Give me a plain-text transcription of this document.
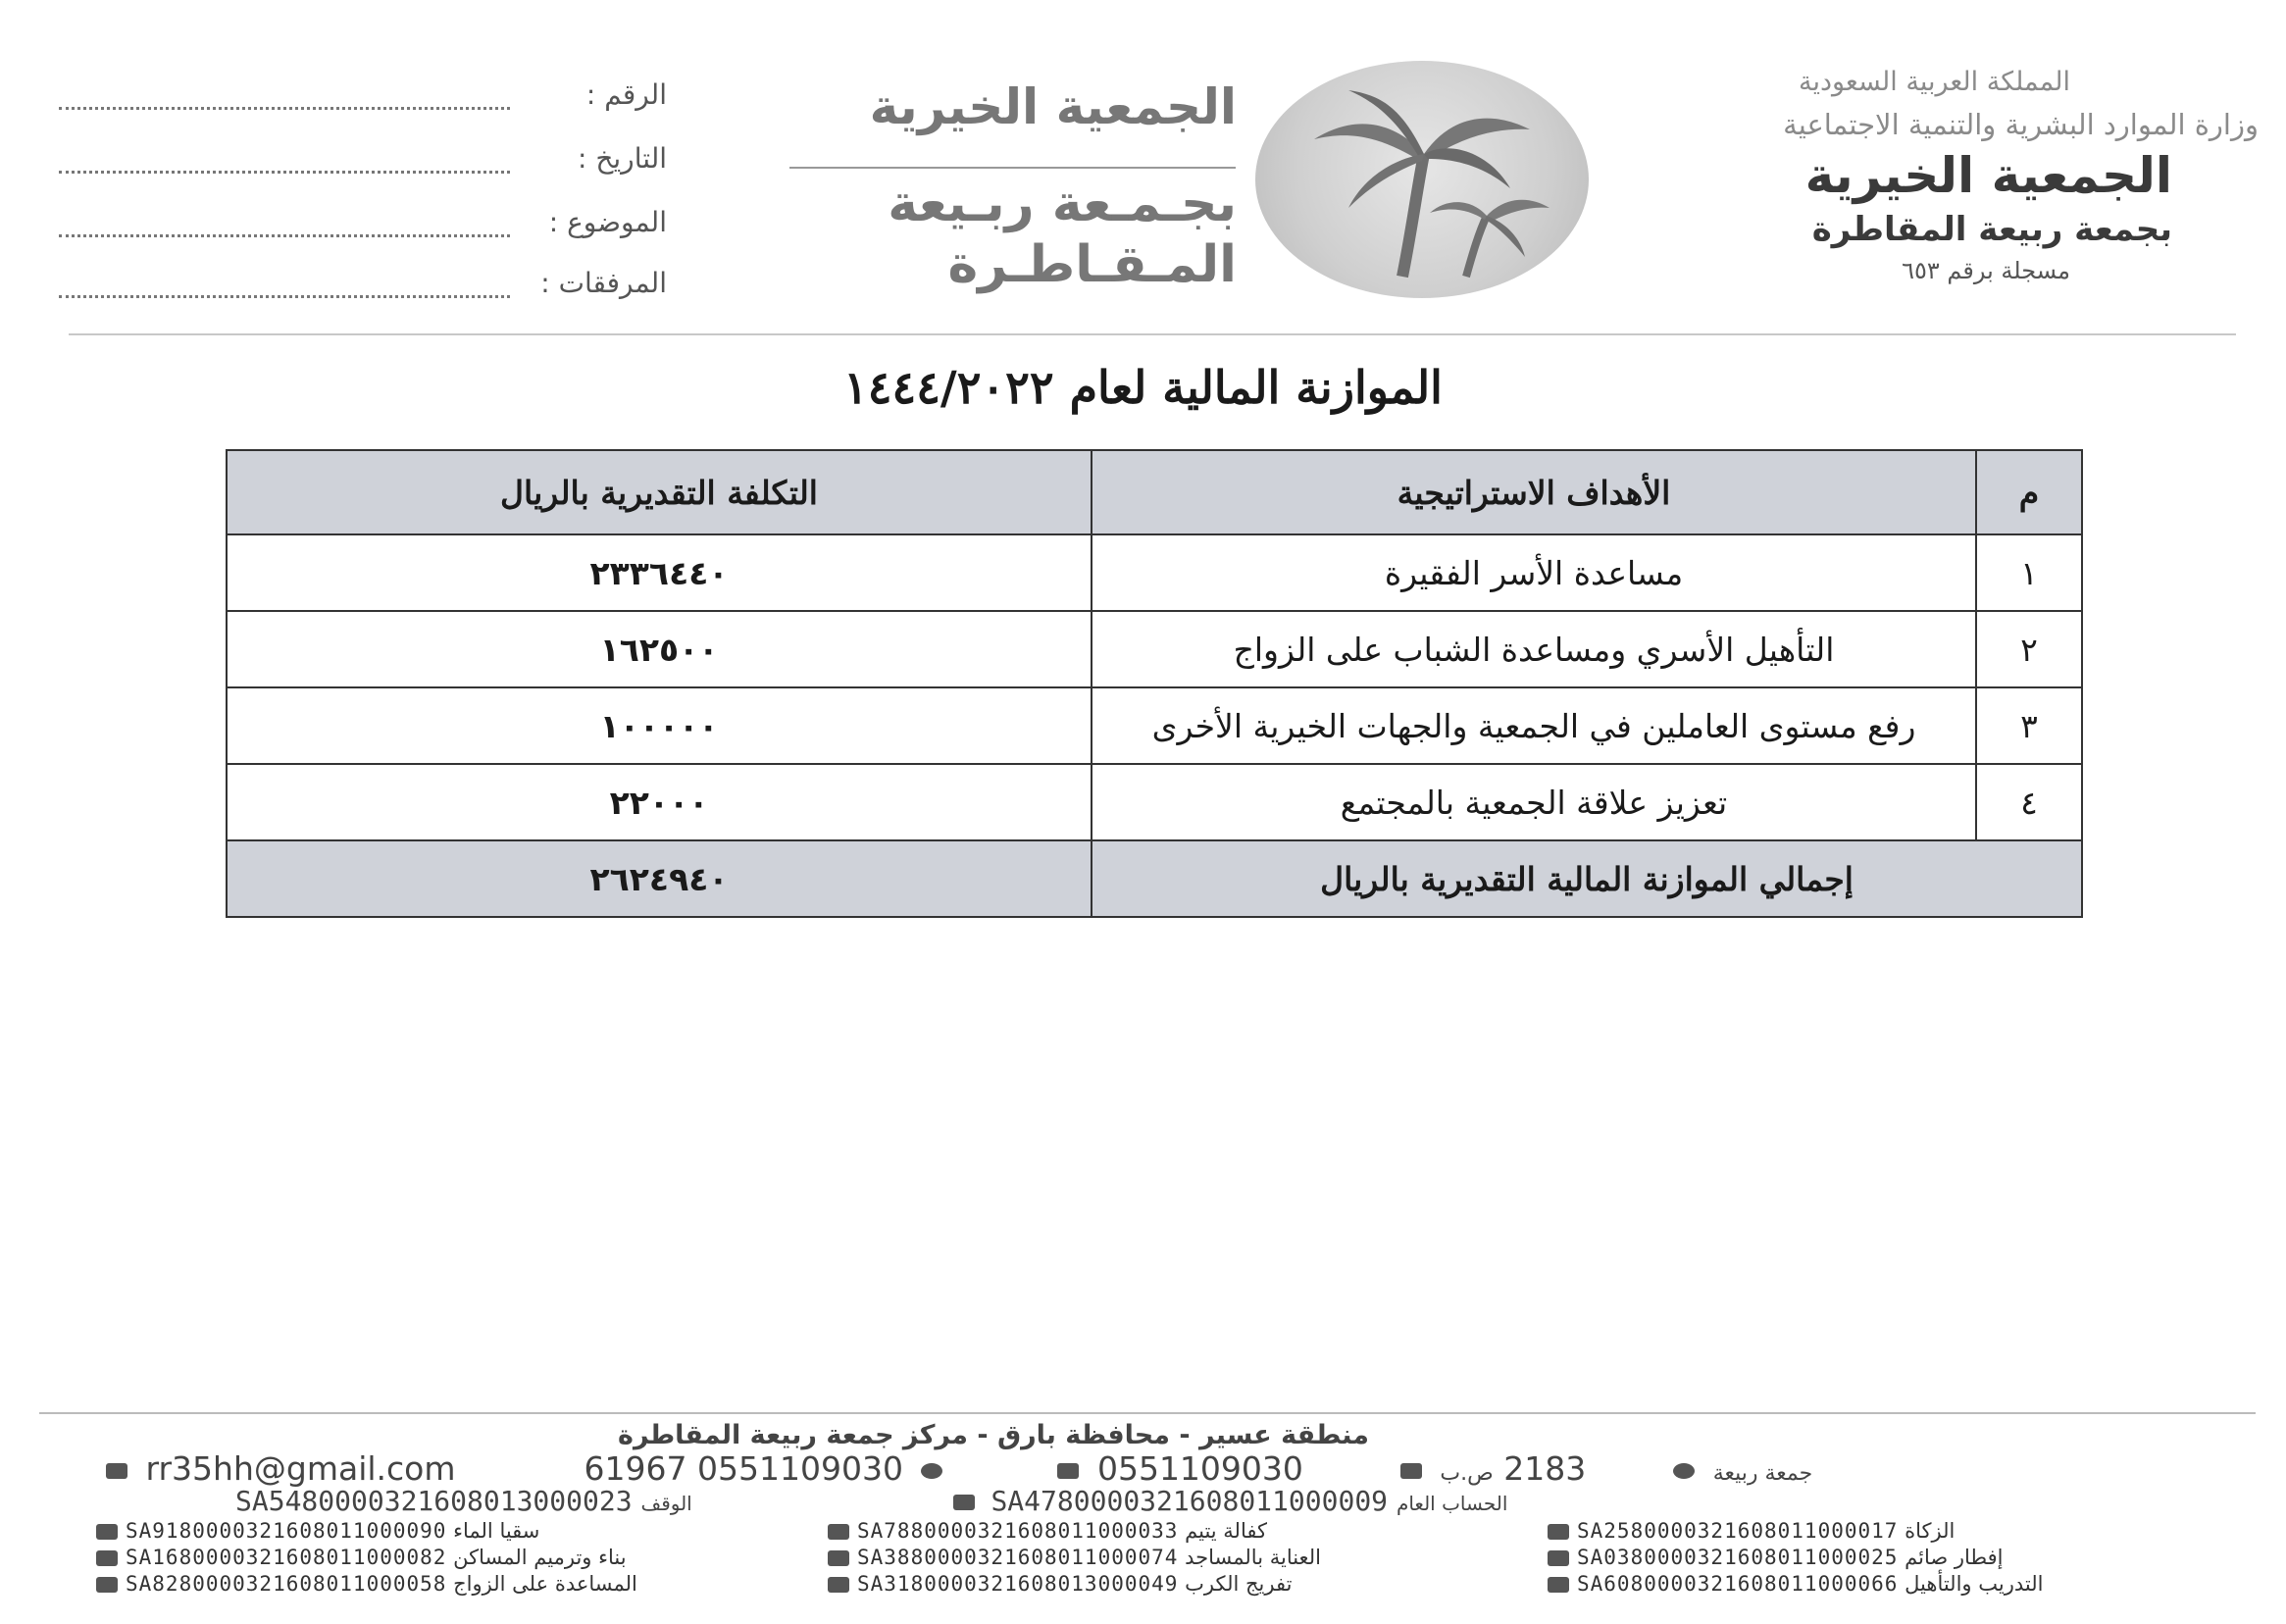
المملكة العربية السعودية
وزارة الموارد البشرية والتنمية الاجتماعية
الجمعية الخيرية
بجمعة ربيعة المقاطرة
مسجلة برقم ٦٥٣
الجمعية الخيرية
بجـمـعة ربـيعة
المـقـاطـرة
الرقم :
التاريخ :
الموضوع :
المرفقات :
الموازنة المالية لعام ١٤٤٤/٢٠٢٢
م	الأهداف الاستراتيجية	التكلفة التقديرية بالريال
١	مساعدة الأسر الفقيرة	٢٣٣٦٤٤٠
٢	التأهيل الأسري ومساعدة الشباب على الزواج	١٦٢٥٠٠
٣	رفع مستوى العاملين في الجمعية والجهات الخيرية الأخرى	١٠٠٠٠٠
٤	تعزيز علاقة الجمعية بالمجتمع	٢٢٠٠٠
إجمالي الموازنة المالية التقديرية بالريال		٢٦٢٤٩٤٠
منطقة عسير - محافظة بارق - مركز جمعة ربيعة المقاطرة
rr35hh@gmail.com	61967	جمعة ربيعة   2183 ص.ب   0551109030    0551109030
SA5480000321608013000023 الوقف	SA4780000321608011000009 الحساب العام
SA2580000321608011000017 الزكاة
SA0380000321608011000025 إفطار صائم
SA6080000321608011000066 التدريب والتأهيل
SA7880000321608011000033 كفالة يتيم
SA3880000321608011000074 العناية بالمساجد
SA3180000321608013000049 تفريج الكرب
SA9180000321608011000090 سقيا الماء
SA1680000321608011000082 بناء وترميم المساكن
SA8280000321608011000058 المساعدة على الزواج
